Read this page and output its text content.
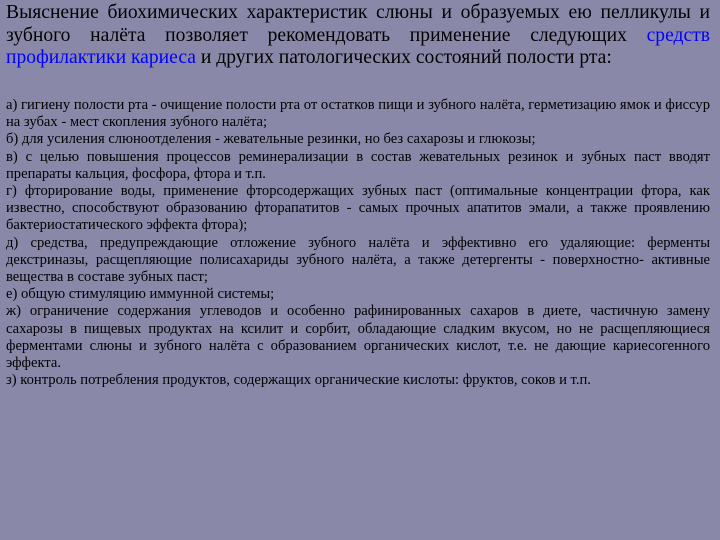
Выяснение биохимических характеристик слюны и образуемых ею пелликулы и зубного налёта позволяет рекомендовать применение следующих средств профилактики кариеса и других патологических состояний полости рта:

а) гигиену полости рта - очищение полости рта от остатков пищи и зубного налёта, герметизацию ямок и фиссур на зубах - мест скопления зубного налёта;
б) для усиления слюноотделения - жевательные резинки, но без сахарозы и глюкозы;
в) с целью повышения процессов реминерализации в состав жевательных резинок и зубных паст вводят препараты кальция, фосфора, фтора и т.п.
г) фторированиe воды, применение фторсодержащих зубных паст (оптимальные концентрации фтора, как известно, способствуют образованию фторапатитов - самых прочных апатитов эмали, а также проявлению бактериостатического эффекта фтора);
д) средства, предупреждающие отложение зубного налёта и эффективно его удаляющие: ферменты декстриназы, расщепляющие полисахариды зубного налёта, а также детергенты - поверхностно- активные вещества в составе зубных паст;
е) общую стимуляцию иммунной системы;
ж) ограничение содержания углеводов и особенно рафинированных сахаров в диете, частичную замену сахарозы в пищевых продуктах на ксилит и сорбит, обладающие сладким вкусом, но не расщепляющиеся ферментами слюны и зубного налёта с образованием органических кислот, т.е. не дающие кариесогенного эффекта.
з) контроль потребления продуктов, содержащих органические кислоты: фруктов, соков и т.п.
